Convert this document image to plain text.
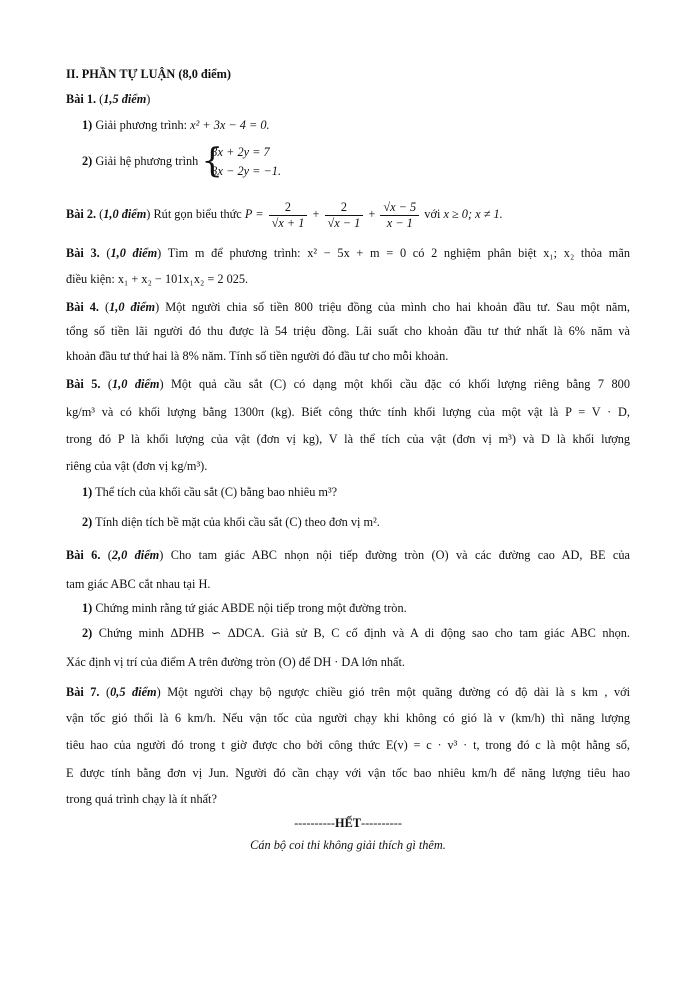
II. PHẦN TỰ LUẬN (8,0 điểm)
Bài 1. (1,5 điểm)
1) Giải phương trình: x² + 3x − 4 = 0.
2) Giải hệ phương trình {
3x + 2y = 7
3x − 2y = −1.
Bài 2. (1,0 điểm) Rút gọn biểu thức $P = \frac{2}{√x + 1} + \frac{2}{√x - 1} + \frac{√x - 5}{x - 1}$ với x ≥ 0; x ≠ 1.
Bài 3. (1,0 điểm) Tìm m để phương trình: x² − 5x + m = 0 có 2 nghiệm phân biệt x₁; x₂ thỏa mãn
điều kiện: x₁ + x₂ − 101x₁x₂ = 2 025.
Bài 4. (1,0 điểm) Một người chia số tiền 800 triệu đồng của mình cho hai khoản đầu tư. Sau một năm,
tổng số tiền lãi người đó thu được là 54 triệu đồng. Lãi suất cho khoản đầu tư thứ nhất là 6% năm và
khoản đầu tư thứ hai là 8% năm. Tính số tiền người đó đầu tư cho mỗi khoản.
Bài 5. (1,0 điểm) Một quả cầu sắt (C) có dạng một khối cầu đặc có khối lượng riêng bằng 7 800
kg/m³ và có khối lượng bằng 1300π (kg). Biết công thức tính khối lượng của một vật là P = V · D,
trong đó P là khối lượng của vật (đơn vị kg), V là thể tích của vật (đơn vị m³) và D là khối lượng
riêng của vật (đơn vị kg/m³).
1) Thể tích của khối cầu sắt (C) bằng bao nhiêu m³?
2) Tính diện tích bề mặt của khối cầu sắt (C) theo đơn vị m².
Bài 6. (2,0 điểm) Cho tam giác ABC nhọn nội tiếp đường tròn (O) và các đường cao AD, BE của
tam giác ABC cắt nhau tại H.
1) Chứng minh rằng tứ giác ABDE nội tiếp trong một đường tròn.
2) Chứng minh ΔDHB ∽ ΔDCA. Giả sử B, C cố định và A di động sao cho tam giác ABC nhọn.
Xác định vị trí của điểm A trên đường tròn (O) để DH · DA lớn nhất.
Bài 7. (0,5 điểm) Một người chạy bộ ngược chiều gió trên một quãng đường có độ dài là s km , với
vận tốc gió thổi là 6 km/h. Nếu vận tốc của người chạy khi không có gió là v (km/h) thì năng lượng
tiêu hao của người đó trong t giờ được cho bởi công thức E(v) = c · v³ · t, trong đó c là một hằng số,
E được tính bằng đơn vị Jun. Người đó cần chạy với vận tốc bao nhiêu km/h để năng lượng tiêu hao
trong quá trình chạy là ít nhất?
----------HẾT----------
Cán bộ coi thi không giải thích gì thêm.
